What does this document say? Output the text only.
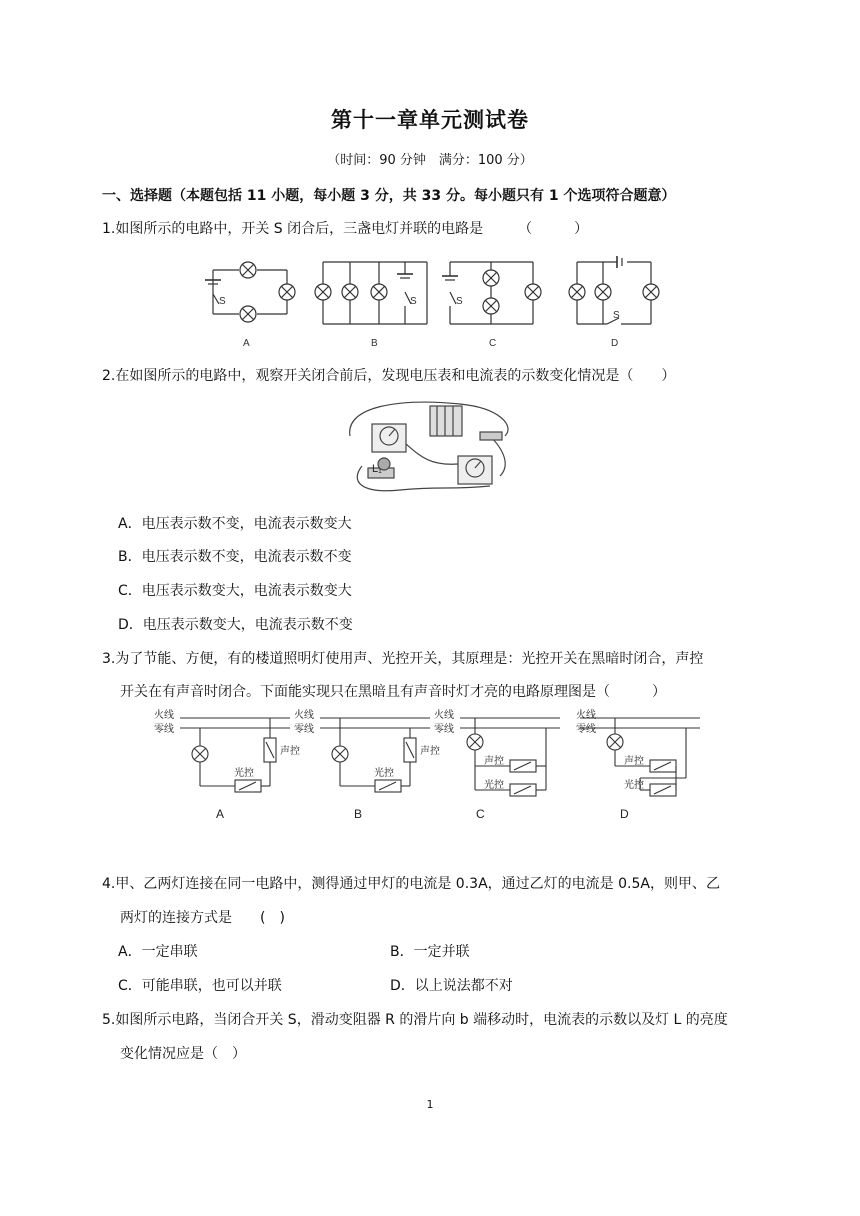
第十一章单元测试卷
（时间：90 分钟　满分：100 分）
一、选择题（本题包括 11 小题，每小题 3 分，共 33 分。每小题只有 1 个选项符合题意）
1.如图所示的电路中，开关 S 闭合后，三盏电灯并联的电路是　　　（　　　）
S	S	S
S
A	B	C	D
2.在如图所示的电路中，观察开关闭合前后，发现电压表和电流表的示数变化情况是（　　）
L₁
A．电压表示数不变，电流表示数变大
B．电压表示数不变，电流表示数不变
C．电压表示数变大，电流表示数变大
D．电压表示数变大，电流表示数不变
3.为了节能、方便，有的楼道照明灯使用声、光控开关，其原理是：光控开关在黑暗时闭合，声控
开关在有声音时闭合。下面能实现只在黑暗且有声音时灯才亮的电路原理图是（　　　）
火线
零线
声控
光控
火线
零线
声控
光控
火线
零线
声控
光控
火线
零线
声控
光控
A	B	C	D
4.甲、乙两灯连接在同一电路中，测得通过甲灯的电流是 0.3A，通过乙灯的电流是 0.5A，则甲、乙
两灯的连接方式是　　(　)
A．一定串联	B．一定并联
C．可能串联，也可以并联	D．以上说法都不对
5.如图所示电路，当闭合开关 S，滑动变阻器 R 的滑片向 b 端移动时，电流表的示数以及灯 L 的亮度
变化情况应是（　）
1
